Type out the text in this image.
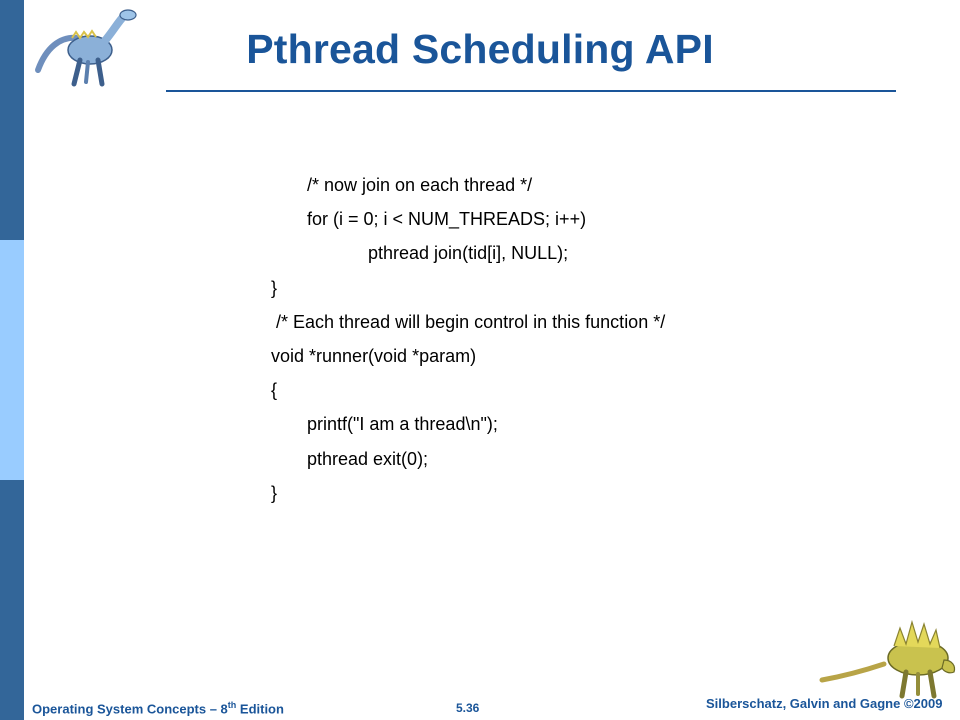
Pthread Scheduling API
/* now join on each thread */
for (i = 0; i < NUM_THREADS; i++)
pthread join(tid[i], NULL);
}
/* Each thread will begin control in this function */
void *runner(void *param)
{
printf("I am a thread\n");
pthread exit(0);
}
Operating System Concepts – 8th Edition	5.36	Silberschatz, Galvin and Gagne ©2009
